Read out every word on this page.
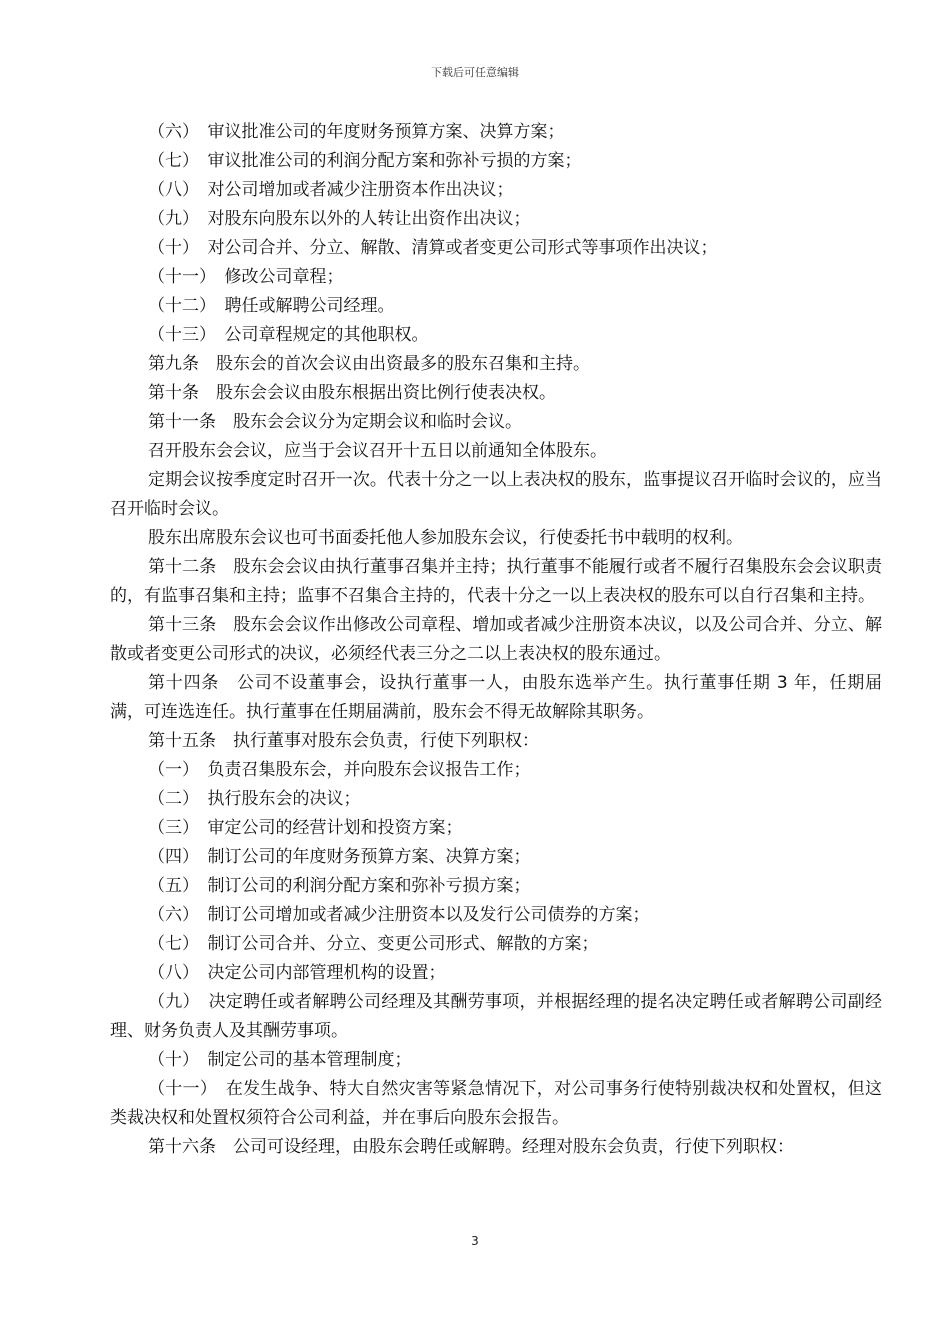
下载后可任意编辑

（六）　审议批准公司的年度财务预算方案、决算方案；

（七）　审议批准公司的利润分配方案和弥补亏损的方案；

（八）　对公司增加或者减少注册资本作出决议；

（九）　对股东向股东以外的人转让出资作出决议；

（十）　对公司合并、分立、解散、清算或者变更公司形式等事项作出决议；

（十一）　修改公司章程；

（十二）　聘任或解聘公司经理。

（十三）　公司章程规定的其他职权。

第九条　股东会的首次会议由出资最多的股东召集和主持。

第十条　股东会会议由股东根据出资比例行使表决权。

第十一条　股东会会议分为定期会议和临时会议。

召开股东会会议，应当于会议召开十五日以前通知全体股东。

定期会议按季度定时召开一次。代表十分之一以上表决权的股东，监事提议召开临时会议的，应当召开临时会议。

股东出席股东会议也可书面委托他人参加股东会议，行使委托书中载明的权利。

第十二条　股东会会议由执行董事召集并主持；执行董事不能履行或者不履行召集股东会会议职责的，有监事召集和主持；监事不召集合主持的，代表十分之一以上表决权的股东可以自行召集和主持。

第十三条　股东会会议作出修改公司章程、增加或者减少注册资本决议，以及公司合并、分立、解散或者变更公司形式的决议，必须经代表三分之二以上表决权的股东通过。

第十四条　公司不设董事会，设执行董事一人，由股东选举产生。执行董事任期 3 年，任期届满，可连选连任。执行董事在任期届满前，股东会不得无故解除其职务。

第十五条　执行董事对股东会负责，行使下列职权：

（一）　负责召集股东会，并向股东会议报告工作；

（二）　执行股东会的决议；

（三）　审定公司的经营计划和投资方案；

（四）　制订公司的年度财务预算方案、决算方案；

（五）　制订公司的利润分配方案和弥补亏损方案；

（六）　制订公司增加或者减少注册资本以及发行公司债券的方案；

（七）　制订公司合并、分立、变更公司形式、解散的方案；

（八）　决定公司内部管理机构的设置；

（九）　决定聘任或者解聘公司经理及其酬劳事项，并根据经理的提名决定聘任或者解聘公司副经理、财务负责人及其酬劳事项。

（十）　制定公司的基本管理制度；

（十一）　在发生战争、特大自然灾害等紧急情况下，对公司事务行使特别裁决权和处置权，但这类裁决权和处置权须符合公司利益，并在事后向股东会报告。

第十六条　公司可设经理，由股东会聘任或解聘。经理对股东会负责，行使下列职权：

3
